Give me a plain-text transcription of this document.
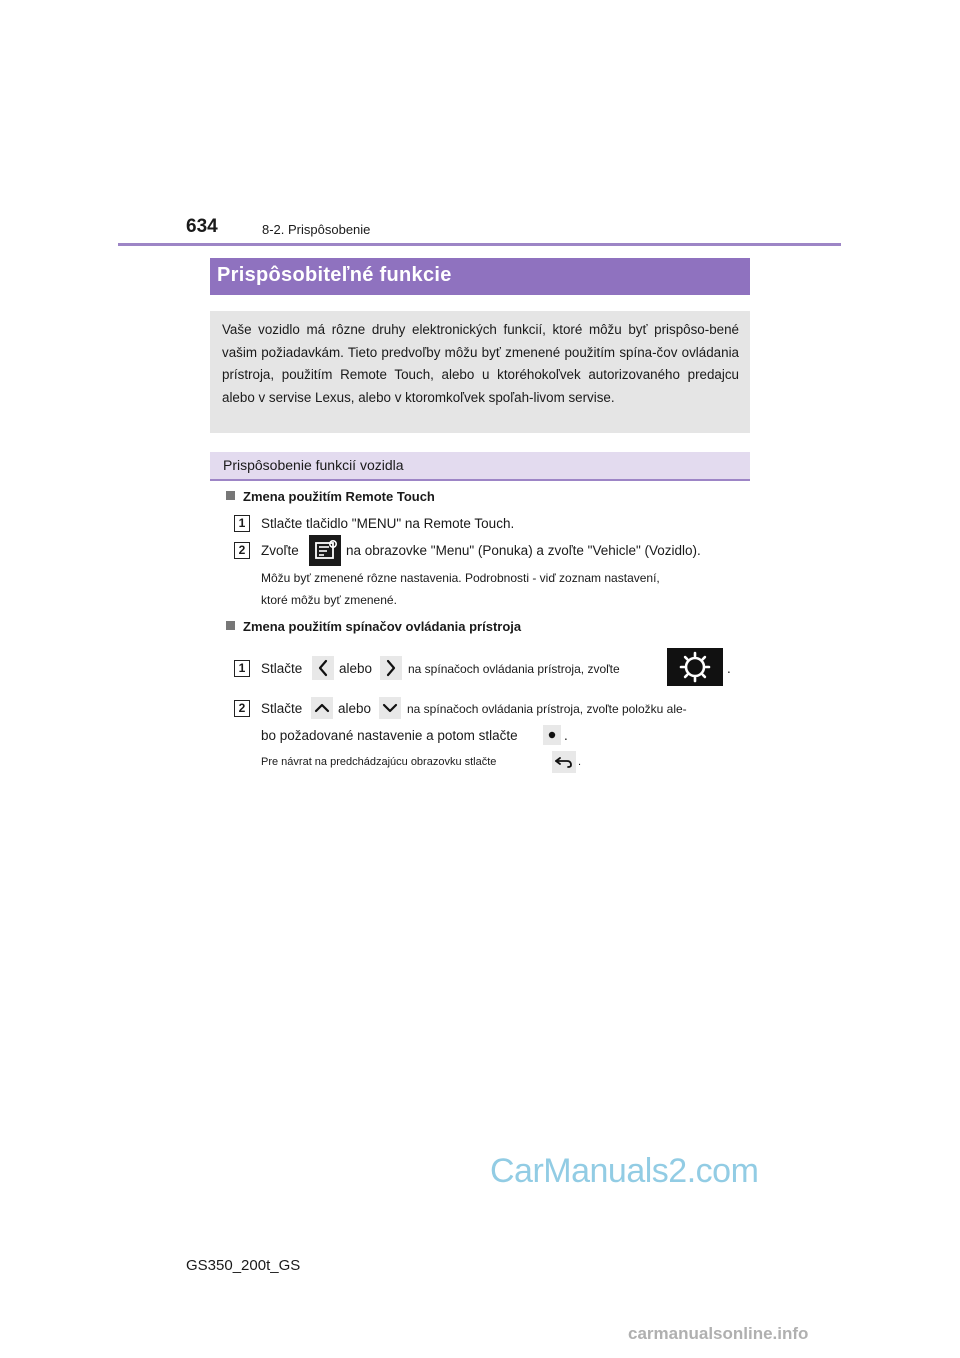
634	8-2. Prispôsobenie
Prispôsobiteľné funkcie

Vaše vozidlo má rôzne druhy elektronických funkcií, ktoré môžu byť prispôso-bené vašim požiadavkám. Tieto predvoľby môžu byť zmenené použitím spína-čov ovládania prístroja, použitím Remote Touch, alebo u ktoréhokoľvek autorizovaného predajcu alebo v servise Lexus, alebo v ktoromkoľvek spoľah-livom servise.

Prispôsobenie funkcií vozidla
Zmena použitím Remote Touch
1	Stlačte tlačidlo "MENU" na Remote Touch.
2	Zvoľte	na obrazovke "Menu" (Ponuka) a zvoľte "Vehicle" (Vozidlo).
Môžu byť zmenené rôzne nastavenia. Podrobnosti - viď zoznam nastavení,
ktoré môžu byť zmenené.
Zmena použitím spínačov ovládania prístroja
1	Stlačte	alebo	na spínačoch ovládania prístroja, zvoľte	.
2	Stlačte	alebo	na spínačoch ovládania prístroja, zvoľte položku ale-
bo požadované nastavenie a potom stlačte	.
Pre návrat na predchádzajúcu obrazovku stlačte	.
GS350_200t_GS
CarManuals2.com
carmanualsonline.info
